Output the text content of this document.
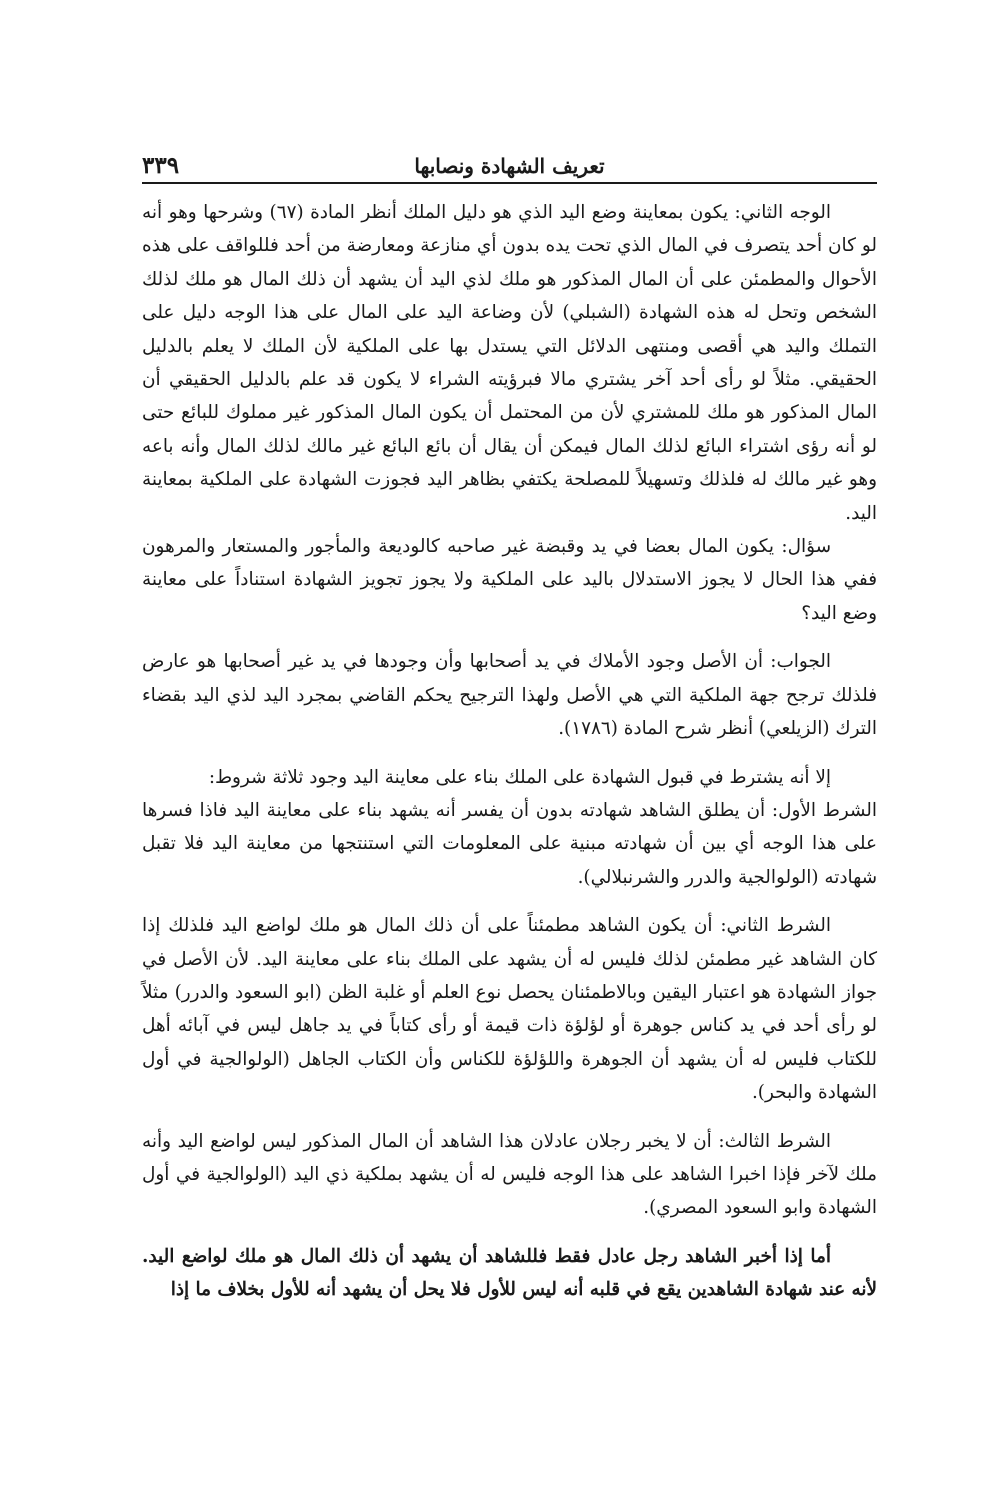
٣٣٩	تعريف الشهادة ونصابها

الوجه الثاني: يكون بمعاينة وضع اليد الذي هو دليل الملك أنظر المادة (٦٧) وشرحها وهو أنه لو كان أحد يتصرف في المال الذي تحت يده بدون أي منازعة ومعارضة من أحد فللواقف على هذه الأحوال والمطمئن على أن المال المذكور هو ملك لذي اليد أن يشهد أن ذلك المال هو ملك لذلك الشخص وتحل له هذه الشهادة (الشبلي) لأن وضاعة اليد على المال على هذا الوجه دليل على التملك واليد هي أقصى ومنتهى الدلائل التي يستدل بها على الملكية لأن الملك لا يعلم بالدليل الحقيقي. مثلاً لو رأى أحد آخر يشتري مالا فبرؤيته الشراء لا يكون قد علم بالدليل الحقيقي أن المال المذكور هو ملك للمشتري لأن من المحتمل أن يكون المال المذكور غير مملوك للبائع حتى لو أنه رؤى اشتراء البائع لذلك المال فيمكن أن يقال أن بائع البائع غير مالك لذلك المال وأنه باعه وهو غير مالك له فلذلك وتسهيلاً للمصلحة يكتفي بظاهر اليد فجوزت الشهادة على الملكية بمعاينة اليد.

سؤال: يكون المال بعضا في يد وقبضة غير صاحبه كالوديعة والمأجور والمستعار والمرهون ففي هذا الحال لا يجوز الاستدلال باليد على الملكية ولا يجوز تجويز الشهادة استناداً على معاينة وضع اليد؟

الجواب: أن الأصل وجود الأملاك في يد أصحابها وأن وجودها في يد غير أصحابها هو عارض فلذلك ترجح جهة الملكية التي هي الأصل ولهذا الترجيح يحكم القاضي بمجرد اليد لذي اليد بقضاء الترك (الزيلعي) أنظر شرح المادة (١٧٨٦).

إلا أنه يشترط في قبول الشهادة على الملك بناء على معاينة اليد وجود ثلاثة شروط:

الشرط الأول: أن يطلق الشاهد شهادته بدون أن يفسر أنه يشهد بناء على معاينة اليد فاذا فسرها على هذا الوجه أي بين أن شهادته مبنية على المعلومات التي استنتجها من معاينة اليد فلا تقبل شهادته (الولوالجية والدرر والشرنبلالي).

الشرط الثاني: أن يكون الشاهد مطمئناً على أن ذلك المال هو ملك لواضع اليد فلذلك إذا كان الشاهد غير مطمئن لذلك فليس له أن يشهد على الملك بناء على معاينة اليد. لأن الأصل في جواز الشهادة هو اعتبار اليقين وبالاطمئنان يحصل نوع العلم أو غلبة الظن (ابو السعود والدرر) مثلاً لو رأى أحد في يد كناس جوهرة أو لؤلؤة ذات قيمة أو رأى كتاباً في يد جاهل ليس في آبائه أهل للكتاب فليس له أن يشهد أن الجوهرة واللؤلؤة للكناس وأن الكتاب الجاهل (الولوالجية في أول الشهادة والبحر).

الشرط الثالث: أن لا يخبر رجلان عادلان هذا الشاهد أن المال المذكور ليس لواضع اليد وأنه ملك لآخر فإذا اخبرا الشاهد على هذا الوجه فليس له أن يشهد بملكية ذي اليد (الولوالجية في أول الشهادة وابو السعود المصري).

أما إذا أخبر الشاهد رجل عادل فقط فللشاهد أن يشهد أن ذلك المال هو ملك لواضع اليد. لأنه عند شهادة الشاهدين يقع في قلبه أنه ليس للأول فلا يحل أن يشهد أنه للأول بخلاف ما إذا
